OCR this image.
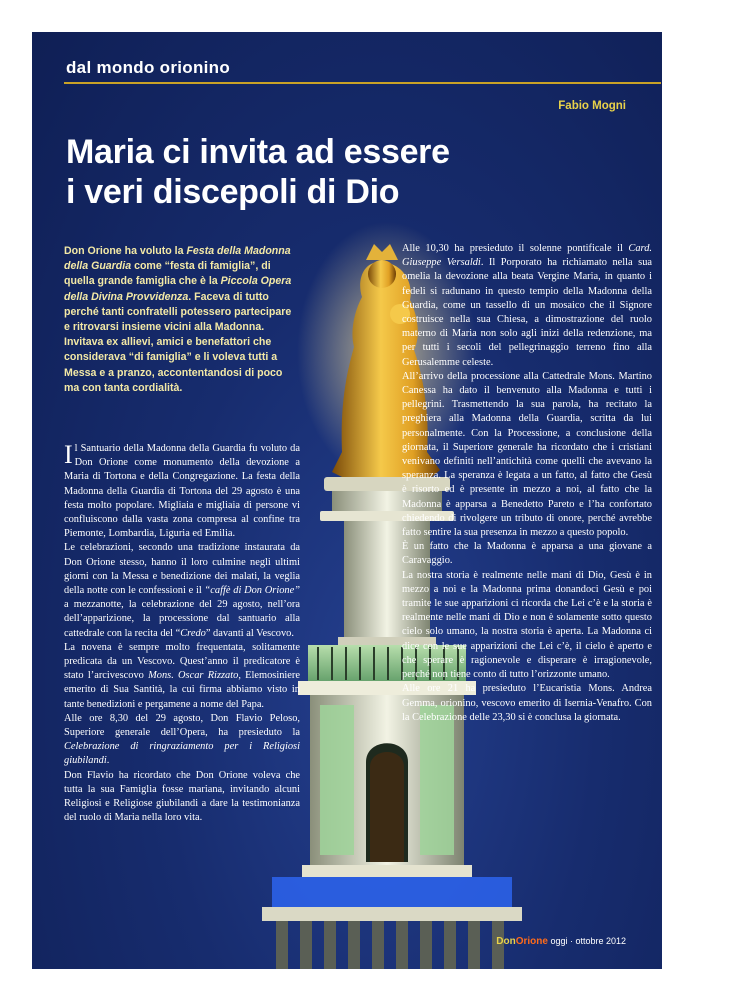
dal mondo orionino
Fabio Mogni
7
Maria ci invita ad essere
i veri discepoli di Dio
Don Orione ha voluto la Festa della Madonna della Guardia come “festa di famiglia”, di quella grande famiglia che è la Piccola Opera della Divina Provvidenza. Faceva di tutto perché tanti confratelli potessero partecipare e ritrovarsi insieme vicini alla Madonna. Invitava ex allievi, amici e benefattori che considerava “di famiglia” e li voleva tutti a Messa e a pranzo, accontentandosi di poco ma con tanta cordialità.

Il Santuario della Madonna della Guardia fu voluto da Don Orione come monumento della devozione a Maria di Tortona e della Congregazione. La festa della Madonna della Guardia di Tortona del 29 agosto è una festa molto popolare. Migliaia e migliaia di persone vi confluiscono dalla vasta zona compresa al confine tra Piemonte, Lombardia, Liguria ed Emilia.

Le celebrazioni, secondo una tradizione instaurata da Don Orione stesso, hanno il loro culmine negli ultimi giorni con la Messa e benedizione dei malati, la veglia della notte con le confessioni e il “caffè di Don Orione” a mezzanotte, la celebrazione del 29 agosto, nell’ora dell’apparizione, la processione dal santuario alla cattedrale con la recita del “Credo” davanti al Vescovo.

La novena è sempre molto frequentata, solitamente predicata da un Vescovo. Quest’anno il predicatore è stato l’arcivescovo Mons. Oscar Rizzato, Elemosiniere emerito di Sua Santità, la cui firma abbiamo visto in tante benedizioni e pergamene a nome del Papa.

Alle ore 8,30 del 29 agosto, Don Flavio Peloso, Superiore generale dell’Opera, ha presieduto la Celebrazione di ringraziamento per i Religiosi giubilandi.

Don Flavio ha ricordato che Don Orione voleva che tutta la sua Famiglia fosse mariana, invitando alcuni Religiosi e Religiose giubilandi a dare la testimonianza del ruolo di Maria nella loro vita.

Alle 10,30 ha presieduto il solenne pontificale il Card. Giuseppe Versaldi. Il Porporato ha richiamato nella sua omelia la devozione alla beata Vergine Maria, in quanto i fedeli si radunano in questo tempio della Madonna della Guardia, come un tassello di un mosaico che il Signore costruisce nella sua Chiesa, a dimostrazione del ruolo materno di Maria non solo agli inizi della redenzione, ma per tutti i secoli del pellegrinaggio terreno fino alla Gerusalemme celeste.

All’arrivo della processione alla Cattedrale Mons. Martino Canessa ha dato il benvenuto alla Madonna e tutti i pellegrini. Trasmettendo la sua parola, ha recitato la preghiera alla Madonna della Guardia, scritta da lui personalmente. Con la Processione, a conclusione della giornata, il Superiore generale ha ricordato che i cristiani venivano definiti nell’antichità come quelli che avevano la speranza. La speranza è legata a un fatto, al fatto che Gesù è risorto ed è presente in mezzo a noi, al fatto che la Madonna è apparsa a Benedetto Pareto e l’ha confortato chiedendo di rivolgere un tributo di onore, perché avrebbe fatto sentire la sua presenza in mezzo a questo popolo.

È un fatto che la Madonna è apparsa a una giovane a Caravaggio.

La nostra storia è realmente nelle mani di Dio, Gesù è in mezzo a noi e la Madonna prima donandoci Gesù e poi tramite le sue apparizioni ci ricorda che Lei c’è e la storia è realmente nelle mani di Dio e non è solamente sotto questo cielo solo umano, la nostra storia è aperta. La Madonna ci dice con le sue apparizioni che Lei c’è, il cielo è aperto e che sperare è ragionevole e disperare è irragionevole, perché non tiene conto di tutto l’orizzonte umano.

Alle ore 21 ha presieduto l’Eucaristia Mons. Andrea Gemma, orionino, vescovo emerito di Isernia-Venafro. Con la Celebrazione delle 23,30 si è conclusa la giornata.

DonOrione oggi · ottobre 2012
